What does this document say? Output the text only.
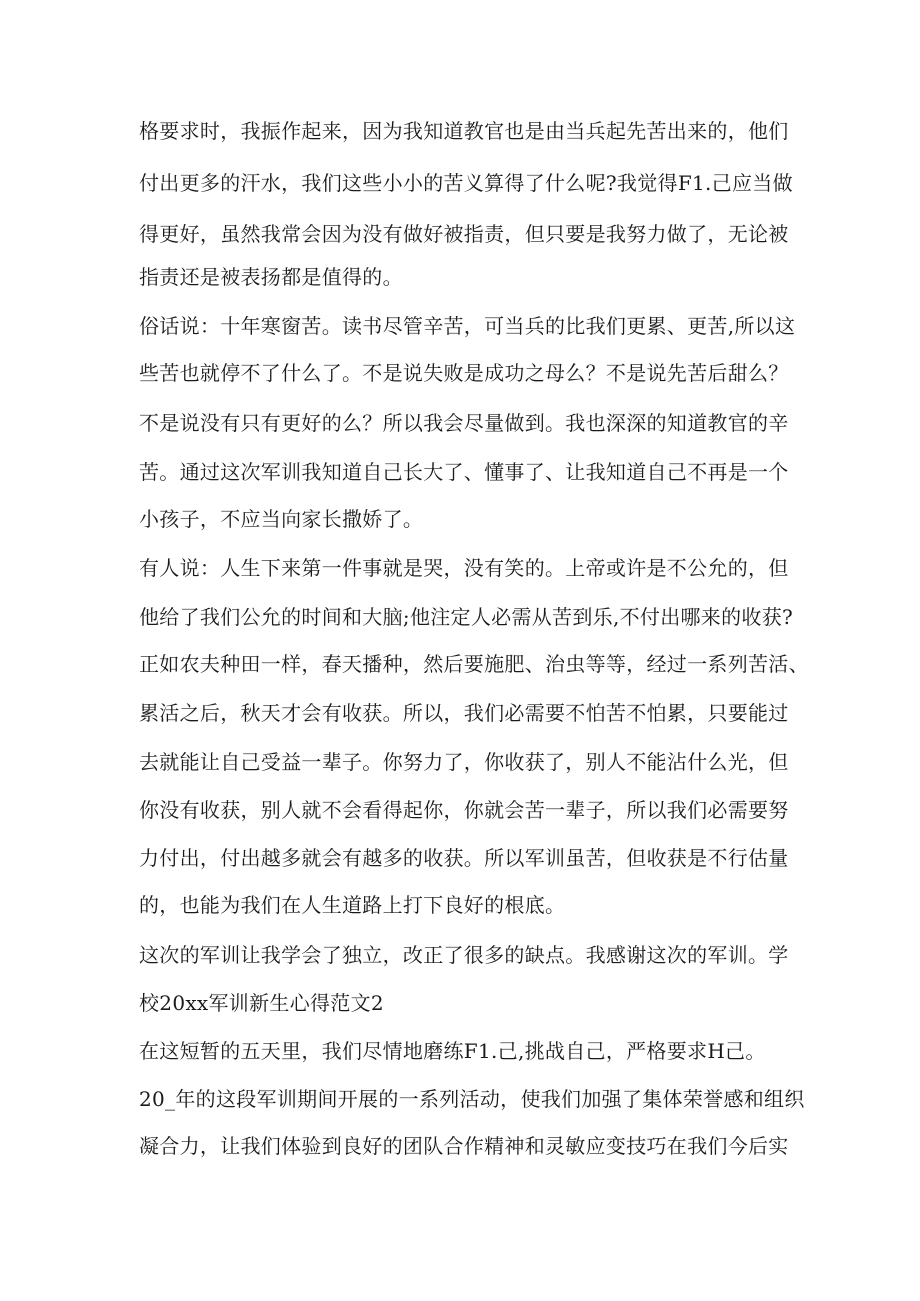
格要求时，我振作起来，因为我知道教官也是由当兵起先苦出来的，他们
付出更多的汗水，我们这些小小的苦义算得了什么呢?我觉得F1.己应当做
得更好，虽然我常会因为没有做好被指责，但只要是我努力做了，无论被
指责还是被表扬都是值得的。
俗话说：十年寒窗苦。读书尽管辛苦，可当兵的比我们更累、更苦,所以这
些苦也就停不了什么了。不是说失败是成功之母么？不是说先苦后甜么？
不是说没有只有更好的么？所以我会尽量做到。我也深深的知道教官的辛
苦。通过这次军训我知道自己长大了、懂事了、让我知道自己不再是一个
小孩子，不应当向家长撒娇了。
有人说：人生下来第一件事就是哭，没有笑的。上帝或许是不公允的，但
他给了我们公允的时间和大脑;他注定人必需从苦到乐,不付出哪来的收获?
正如农夫种田一样，春天播种，然后要施肥、治虫等等，经过一系列苦活、
累活之后，秋天才会有收获。所以，我们必需要不怕苦不怕累，只要能过
去就能让自己受益一辈子。你努力了，你收获了，别人不能沾什么光，但
你没有收获，别人就不会看得起你，你就会苦一辈子，所以我们必需要努
力付出，付出越多就会有越多的收获。所以军训虽苦，但收获是不行估量
的，也能为我们在人生道路上打下良好的根底。
这次的军训让我学会了独立，改正了很多的缺点。我感谢这次的军训。学
校20xx军训新生心得范文2
在这短暂的五天里，我们尽情地磨练F1.己,挑战自己，严格要求H己。
20_年的这段军训期间开展的一系列活动，使我们加强了集体荣誉感和组织
凝合力，让我们体验到良好的团队合作精神和灵敏应变技巧在我们今后实
